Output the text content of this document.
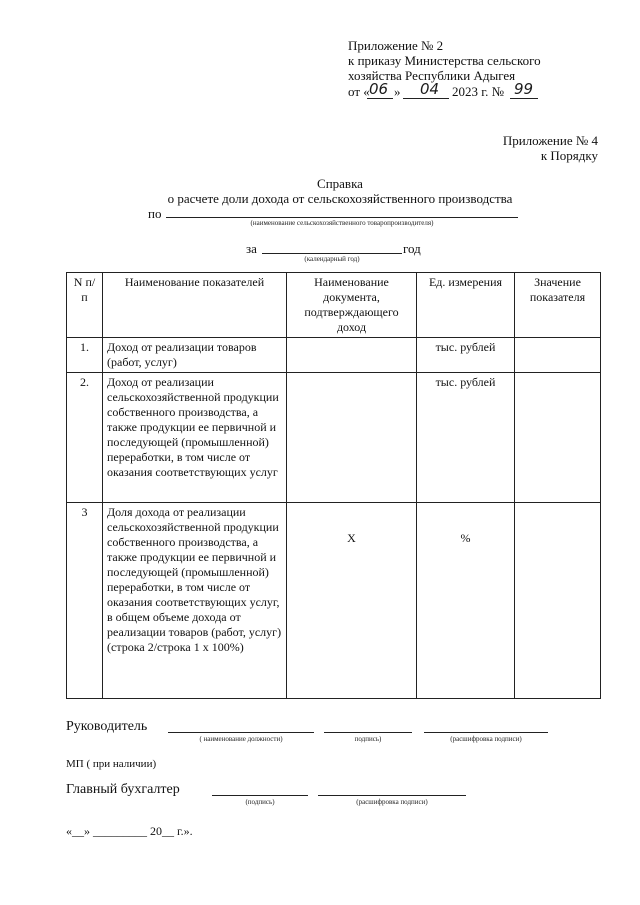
Приложение № 2
к приказу Министерства сельского
хозяйства Республики Адыгея
от « 06 » 04 2023 г. № 99
Приложение № 4
к Порядку
Справка
о расчете доли дохода от сельскохозяйственного производства
по
(наименование сельскохозяйственного товаропроизводителя)
за	год
(календарный год)
N п/п	Наименование показателей	Наименование документа, подтверждающего доход	Ед. измерения	Значение показателя
1.	Доход от реализации товаров (работ, услуг)		тыс. рублей	
2.	Доход от реализации сельскохозяйственной продукции собственного производства, а также продукции ее первичной и последующей (промышленной) переработки, в том числе от оказания соответствующих услуг		тыс. рублей	
3	Доля дохода от реализации сельскохозяйственной продукции собственного производства, а также продукции ее первичной и последующей (промышленной) переработки, в том числе от оказания соответствующих услуг, в общем объеме дохода от реализации товаров (работ, услуг) (строка 2/строка 1 х 100%)	Х	%	
Руководитель
( наименование должности)	подпись)	(расшифровка подписи)
МП ( при наличии)
Главный бухгалтер
(подпись)	(расшифровка подписи)
«__» _________ 20__ г.».
